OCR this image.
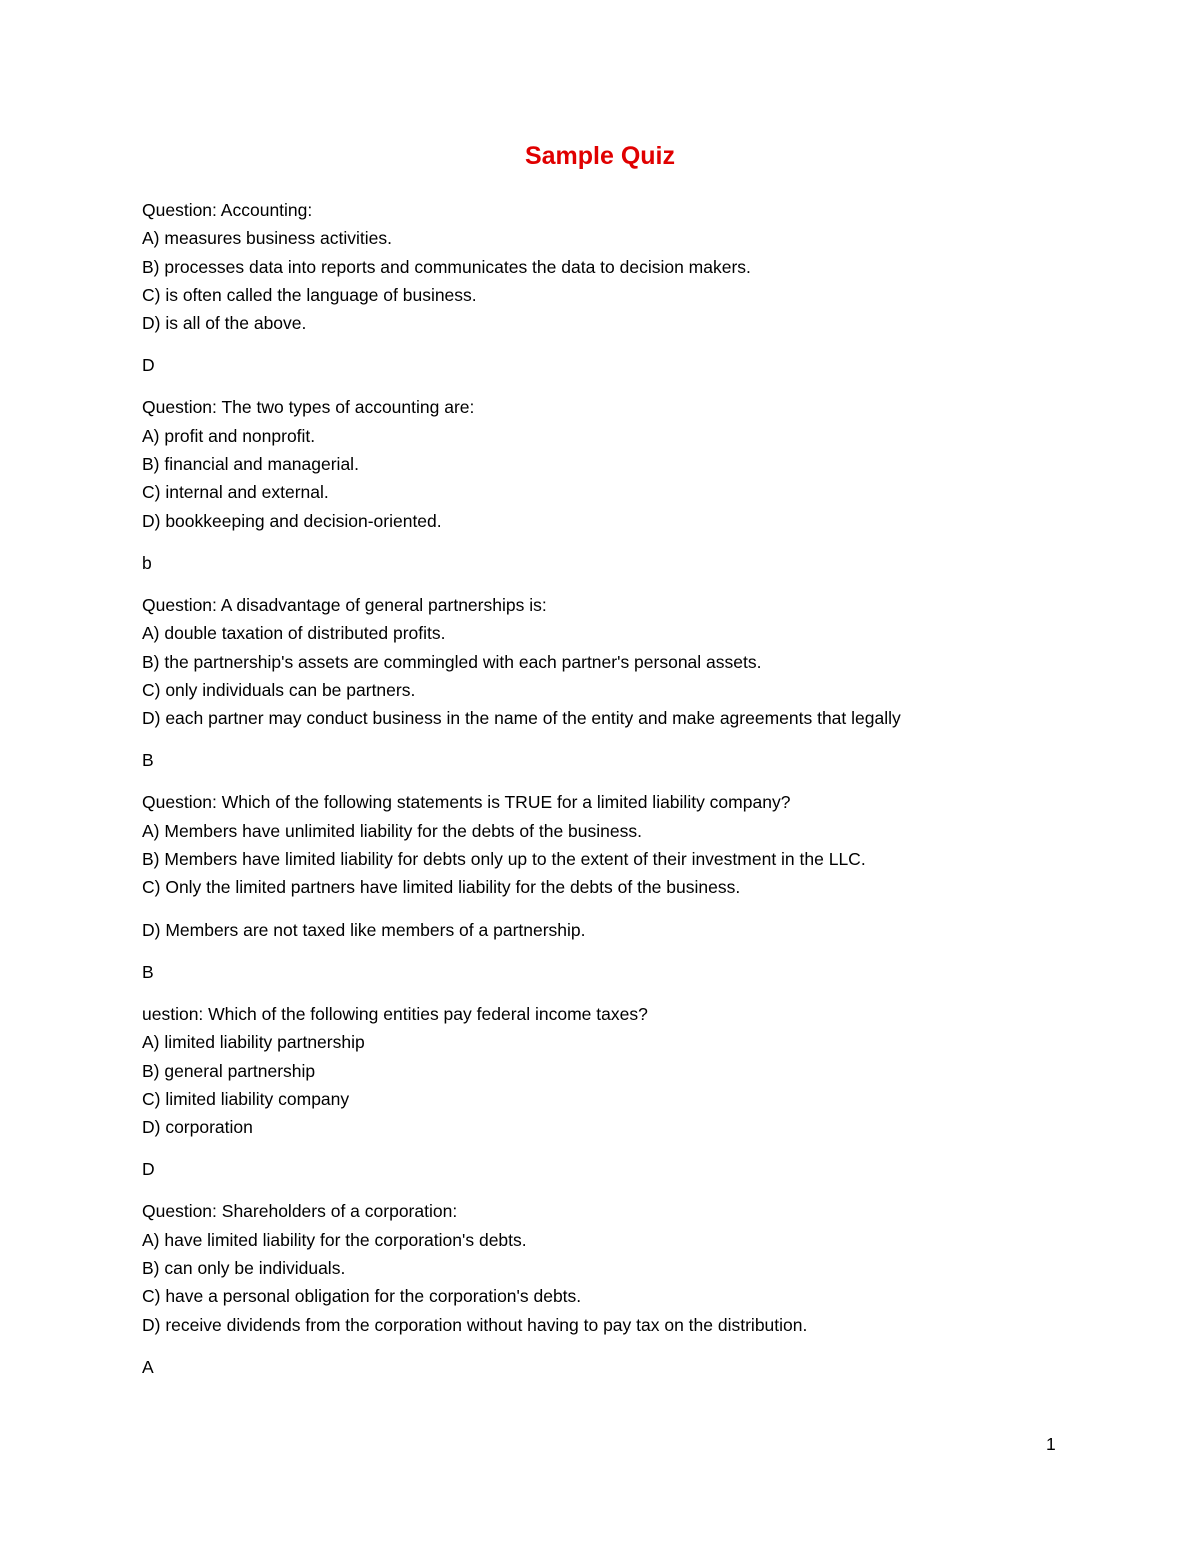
Sample Quiz
Question: Accounting:
A) measures business activities.
B) processes data into reports and communicates the data to decision makers.
C) is often called the language of business.
D) is all of the above.
D
Question: The two types of accounting are:
A) profit and nonprofit.
B) financial and managerial.
C) internal and external.
D) bookkeeping and decision-oriented.
b
Question: A disadvantage of general partnerships is:
A) double taxation of distributed profits.
B) the partnership's assets are commingled with each partner's personal assets.
C) only individuals can be partners.
D) each partner may conduct business in the name of the entity and make agreements that legally
B
Question: Which of the following statements is TRUE for a limited liability company?
A) Members have unlimited liability for the debts of the business.
B) Members have limited liability for debts only up to the extent of their investment in the LLC.
C) Only the limited partners have limited liability for the debts of the business.
D) Members are not taxed like members of a partnership.
B
uestion: Which of the following entities pay federal income taxes?
A) limited liability partnership
B) general partnership
C) limited liability company
D) corporation
D
Question: Shareholders of a corporation:
A) have limited liability for the corporation's debts.
B) can only be individuals.
C) have a personal obligation for the corporation's debts.
D) receive dividends from the corporation without having to pay tax on the distribution.
A
1
